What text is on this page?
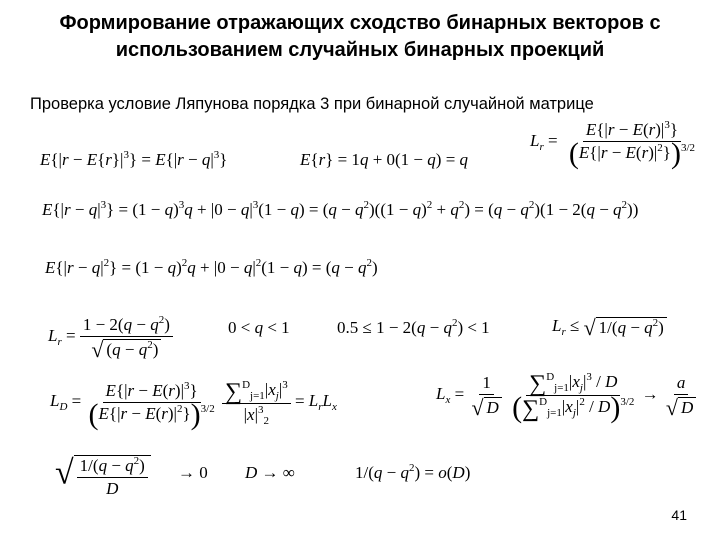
Формирование отражающих сходство бинарных векторов с
использованием случайных бинарных проекций
Проверка условие Ляпунова порядка 3 при бинарной случайной матрице
$L_r = \frac{E\{|r - E(r)|^3\}}{(E\{|r - E(r)|^2\})^{3/2}}$
$E\{|r - E\{r\}|^3\} = E\{|r - q|^3\}$	E{r} = 1q + 0(1 − q) = q
$E\{|r - q|^3\} = (1 - q)^3q + |0 - q|^3(1 - q) = (q - q^2)((1 - q)^2 + q^2) = (q - q^2)(1 - 2(q - q^2))$
$E\{|r - q|^2\} = (1 - q)^2q + |0 - q|^2(1 - q) = (q - q^2)$
$L_r = \frac{1 - 2(q - q^2)}{√ (q - q^2)}$	0 < q < 1	$0.5 \le 1 - 2(q - q^2) < 1$	$L_r$ ≤ √ $1/(q - q^2)$
$L_D = \frac{E\{|r - E(r)|^3\}}{(E\{|r - E(r)|^2\})^{3/2}}$
$\frac{\sum^D_{j=1}|x_j|^3}{|x|^3_2} = L_rL_x$
$L_x = \frac{1}{√ D}$
$\frac{\sum^D_{j=1}|x_j|^3 / D}{(\sum^D_{j=1}|x_j|^2 / D)^{3/2}} \to \frac{a}{√ D}$
√ $\frac{1/(q - q^2)}{D} \to 0$ D → ∞	$1/(q - q^2) = o(D)$
41
